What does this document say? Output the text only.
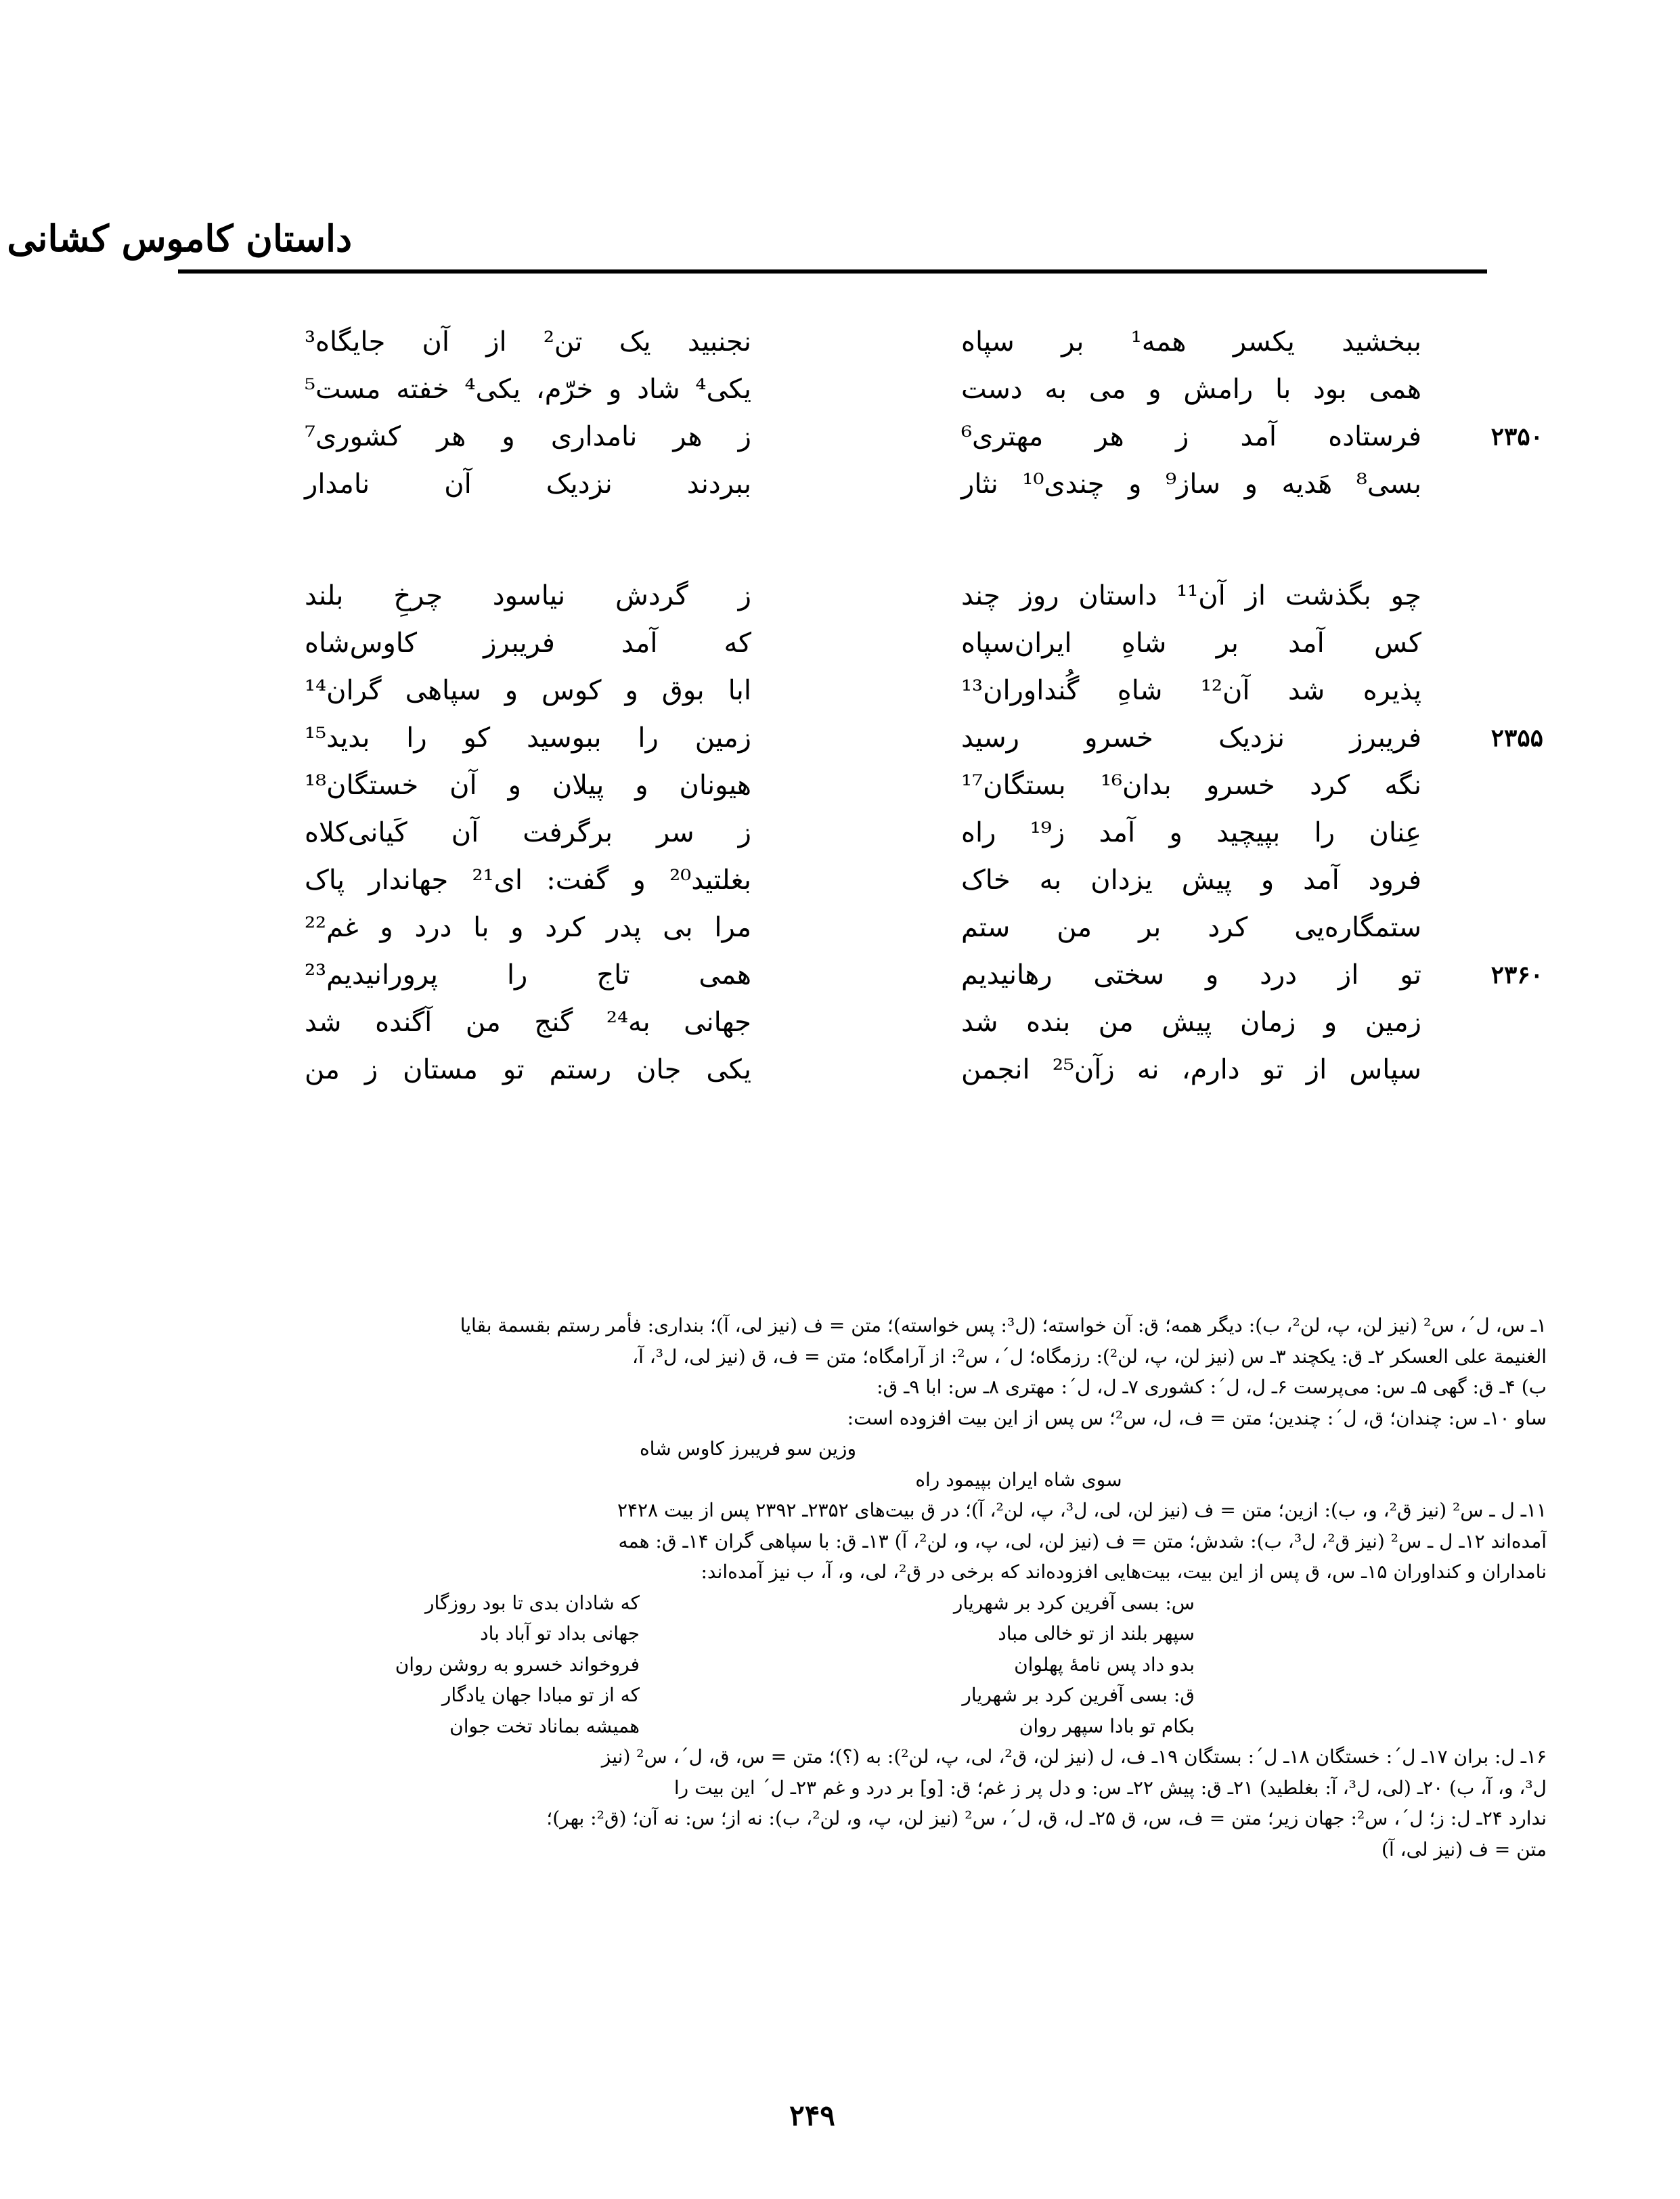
داستان کاموس کشانی
ببخشید یکسر همه¹ بر سپاه
نجنبید یک تن² از آن جایگاه³
همی بود با رامش و می به دست
یکی⁴ شاد و خرّم، یکی⁴ خفته مست⁵
۲۳۵۰
فرستاده آمد ز هر مهتری⁶
ز هر نامداری و هر کشوری⁷
بسی⁸ هَدیه و ساز⁹ و چندی¹⁰ نثار
ببردند نزدیک آن نامدار
چو بگذشت از آن¹¹ داستان روز چند
ز گردش نیاسود چرخِ بلند
کس آمد بر شاهِ ایران‌سپاه
که آمد فریبرز کاوس‌شاه
پذیره شد آن¹² شاهِ گُنداوران¹³
ابا بوق و کوس و سپاهی گران¹⁴
۲۳۵۵
فریبرز نزدیک خسرو رسید
زمین را ببوسید کو را بدید¹⁵
نگه کرد خسرو بدان¹⁶ بستگان¹⁷
هیونان و پیلان و آن خستگان¹⁸
عِنان را بپیچید و آمد ز¹⁹ راه
ز سر برگرفت آن کَیانی‌کلاه
فرود آمد و پیش یزدان به خاک
بغلتید²⁰ و گفت: ای²¹ جهاندار پاک
ستمگاره‌یی کرد بر من ستم
مرا بی پدر کرد و با درد و غم²²
۲۳۶۰
تو از درد و سختی رهانیدیم
همی تاج را پرورانیدیم²³
زمین و زمان پیش من بنده شد
جهانی به²⁴ گنج من آگنده شد
سپاس از تو دارم، نه زآن²⁵ انجمن
یکی جان رستم تو مستان ز من
۱ـ س، لˊ، س² (نیز لن، پ، لن²، ب): دیگر همه؛ ق: آن خواسته؛ (ل³: پس خواسته)؛ متن = ف (نیز لی، آ)؛ بنداری: فأمر رستم بقسمة بقایا
الغنیمة علی العسکر ۲ـ ق: یکچند ۳ـ س (نیز لن، پ، لن²): رزمگاه؛ لˊ، س²: از آرامگاه؛ متن = ف، ق (نیز لی، ل³، آ،
ب) ۴ـ ق: گهی ۵ـ س: می‌پرست ۶ـ ل، لˊ: کشوری ۷ـ ل، لˊ: مهتری ۸ـ س: ابا ۹ـ ق:
ساو ۱۰ـ س: چندان؛ ق، لˊ: چندین؛ متن = ف، ل، س²؛ س پس از این بیت افزوده است:
وزین سو فریبرز کاوس شاه
سوی شاه ایران بپیمود راه
۱۱ـ ل ـ س² (نیز ق²، و، ب): ازین؛ متن = ف (نیز لن، لی، ل³، پ، لن²، آ)؛ در ق بیت‌های ۲۳۵۲ـ ۲۳۹۲ پس از بیت ۲۴۲۸
آمده‌اند ۱۲ـ ل ـ س² (نیز ق²، ل³، ب): شدش؛ متن = ف (نیز لن، لی، پ، و، لن²، آ) ۱۳ـ ق: با سپاهی گران ۱۴ـ ق: همه
نامداران و کنداوران ۱۵ـ س، ق پس از این بیت، بیت‌هایی افزوده‌اند که برخی در ق²، لی، و، آ، ب نیز آمده‌اند:
س: بسی آفرین کرد بر شهریار
که شادان بدی تا بود روزگار
سپهر بلند از تو خالی مباد
جهانی بداد تو آباد باد
بدو داد پس نامهٔ پهلوان
فروخواند خسرو به روشن روان
ق: بسی آفرین کرد بر شهریار
که از تو مبادا جهان یادگار
بکام تو بادا سپهر روان
همیشه بماناد تخت جوان
۱۶ـ ل: بران ۱۷ـ لˊ: خستگان ۱۸ـ لˊ: بستگان ۱۹ـ ف، ل (نیز لن، ق²، لی، پ، لن²): به (؟)؛ متن = س، ق، لˊ، س² (نیز
ل³، و، آ، ب) ۲۰ـ (لی، ل³، آ: بغلطید) ۲۱ـ ق: پیش ۲۲ـ س: و دل پر ز غم؛ ق: [و] بر درد و غم ۲۳ـ لˊ این بیت را
ندارد ۲۴ـ ل: ز؛ لˊ، س²: جهان زیر؛ متن = ف، س، ق ۲۵ـ ل، ق، لˊ، س² (نیز لن، پ، و، لن²، ب): نه از؛ س: نه آن؛ (ق²: بهر)؛
متن = ف (نیز لی، آ)
۲۴۹
